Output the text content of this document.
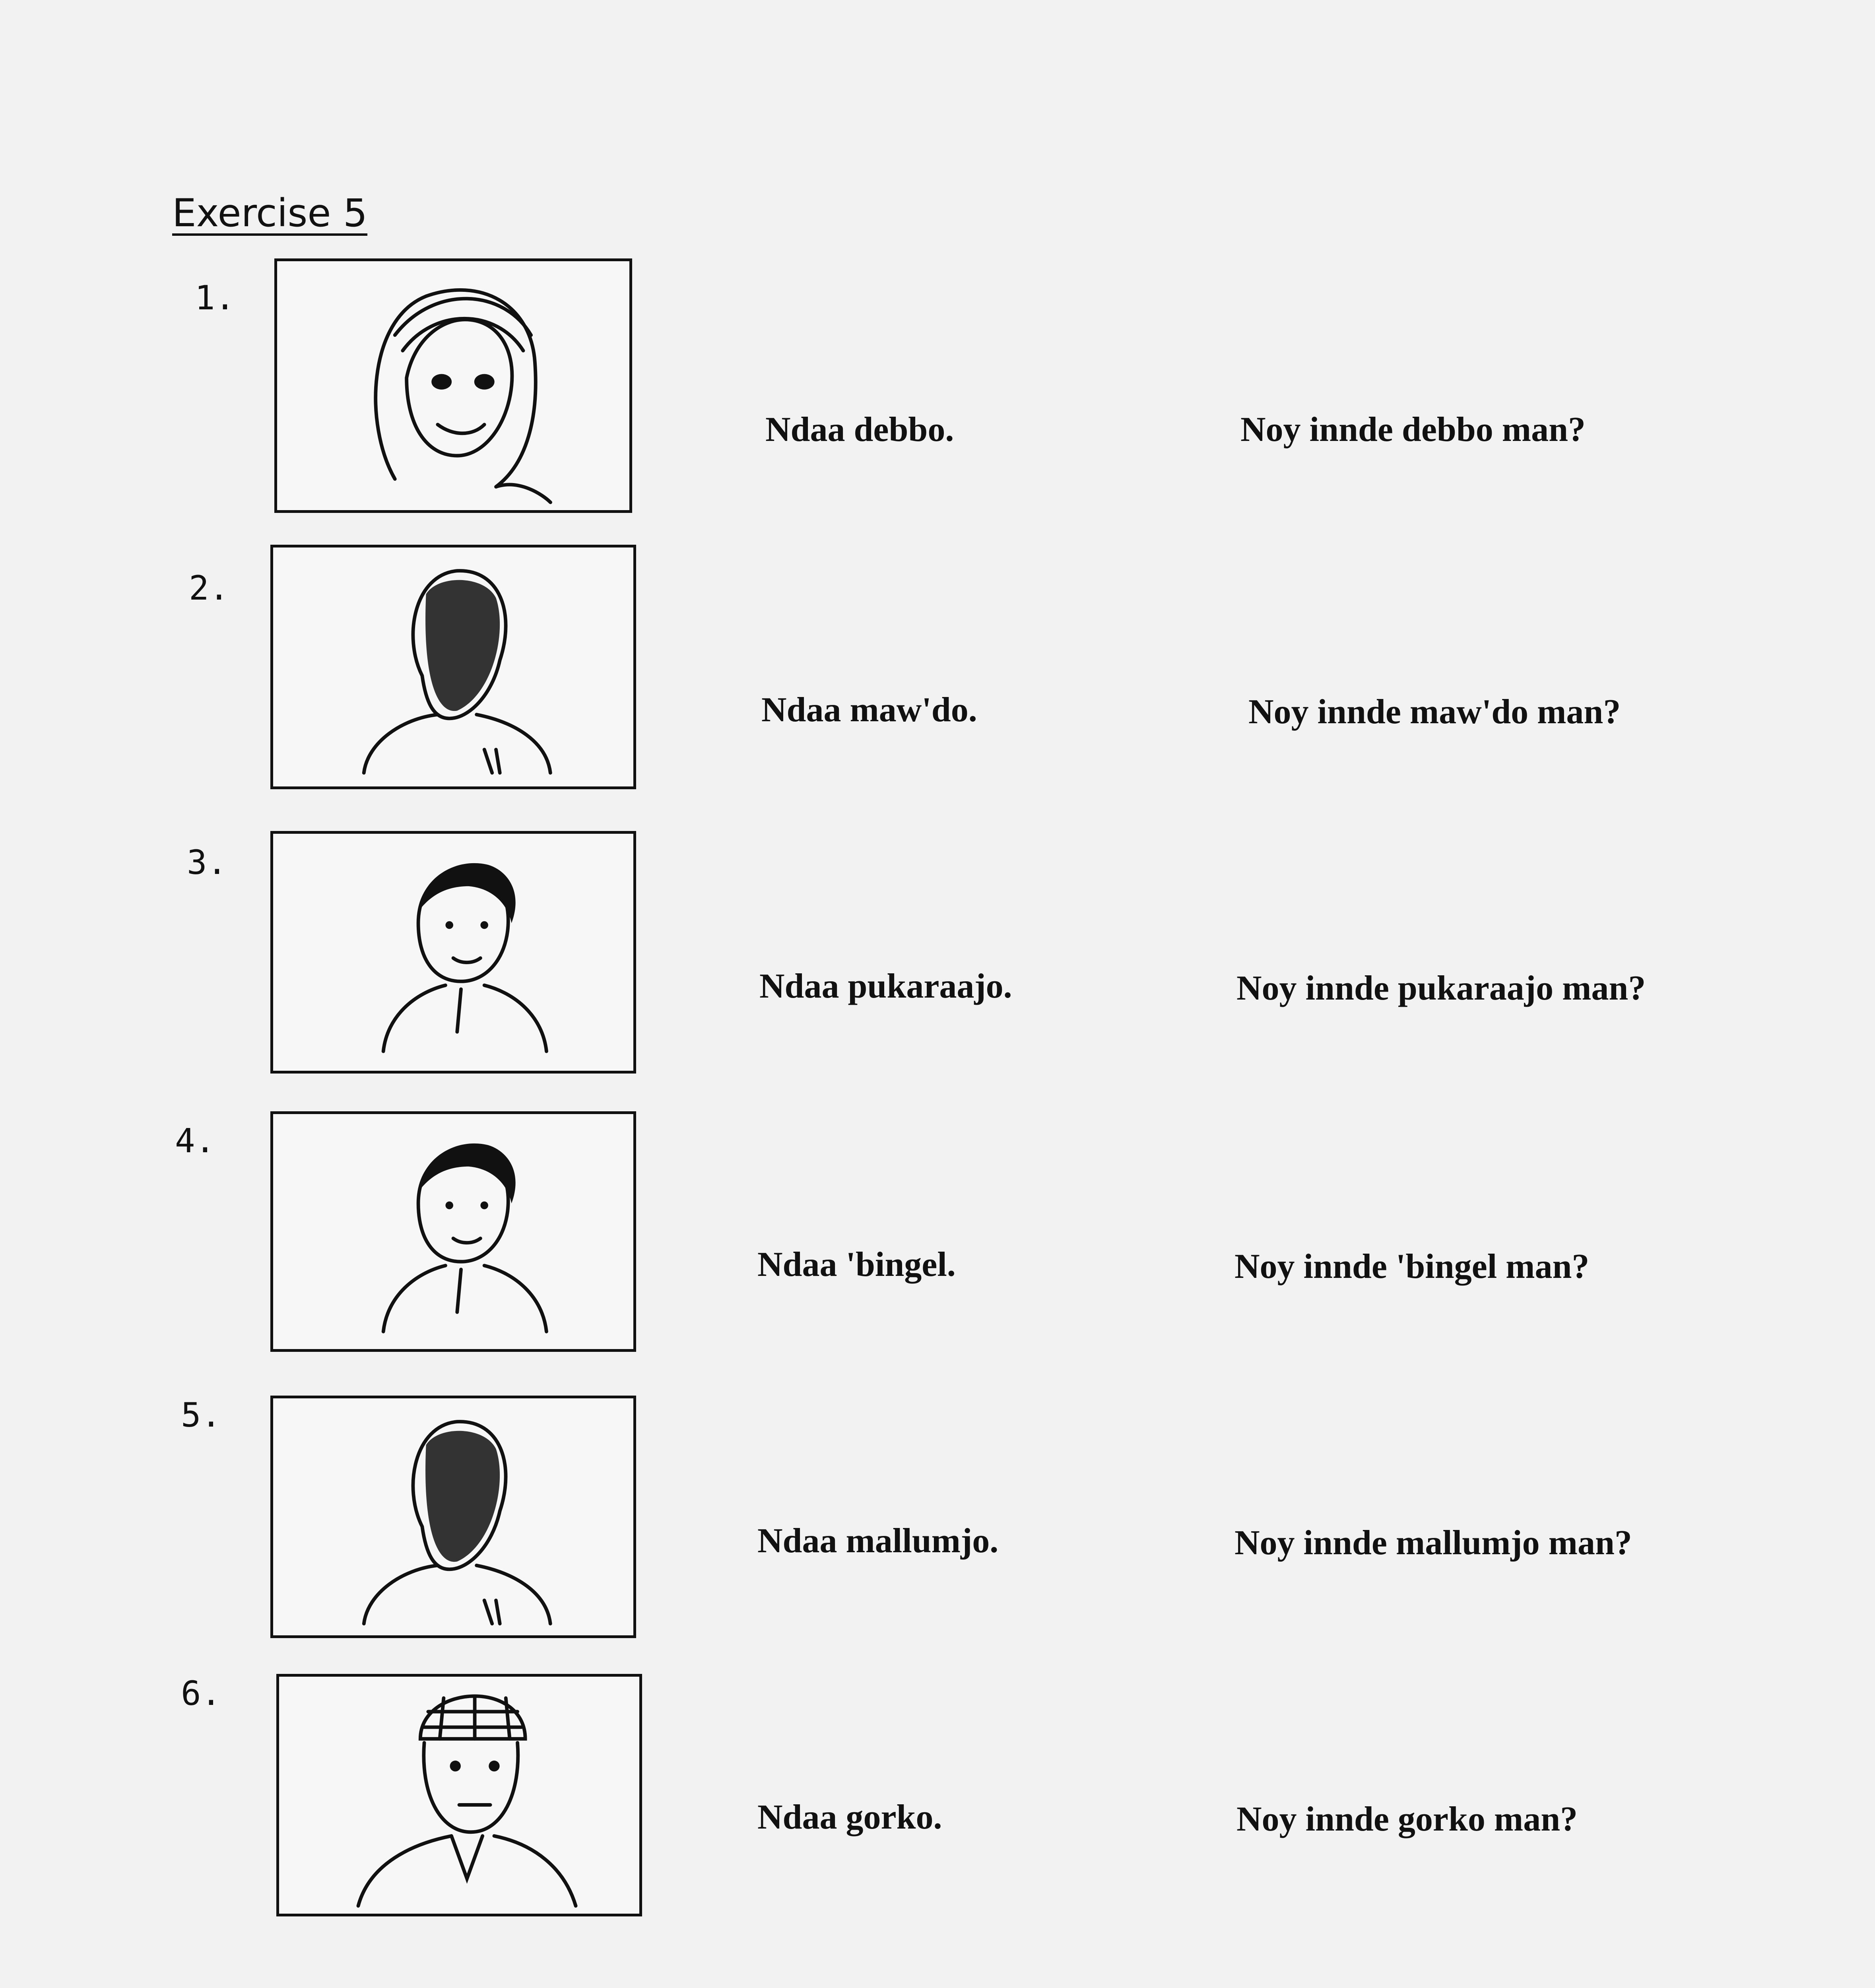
Exercise 5
1.
Ndaa debbo.	Noy innde debbo man?
2.
Ndaa maw'do.	Noy innde maw'do man?
3.
Ndaa pukaraajo.	Noy innde pukaraajo man?
4.
Ndaa 'bingel.	Noy innde 'bingel man?
5.
Ndaa mallumjo.	Noy innde mallumjo man?
6.
Ndaa gorko.	Noy innde gorko man?
